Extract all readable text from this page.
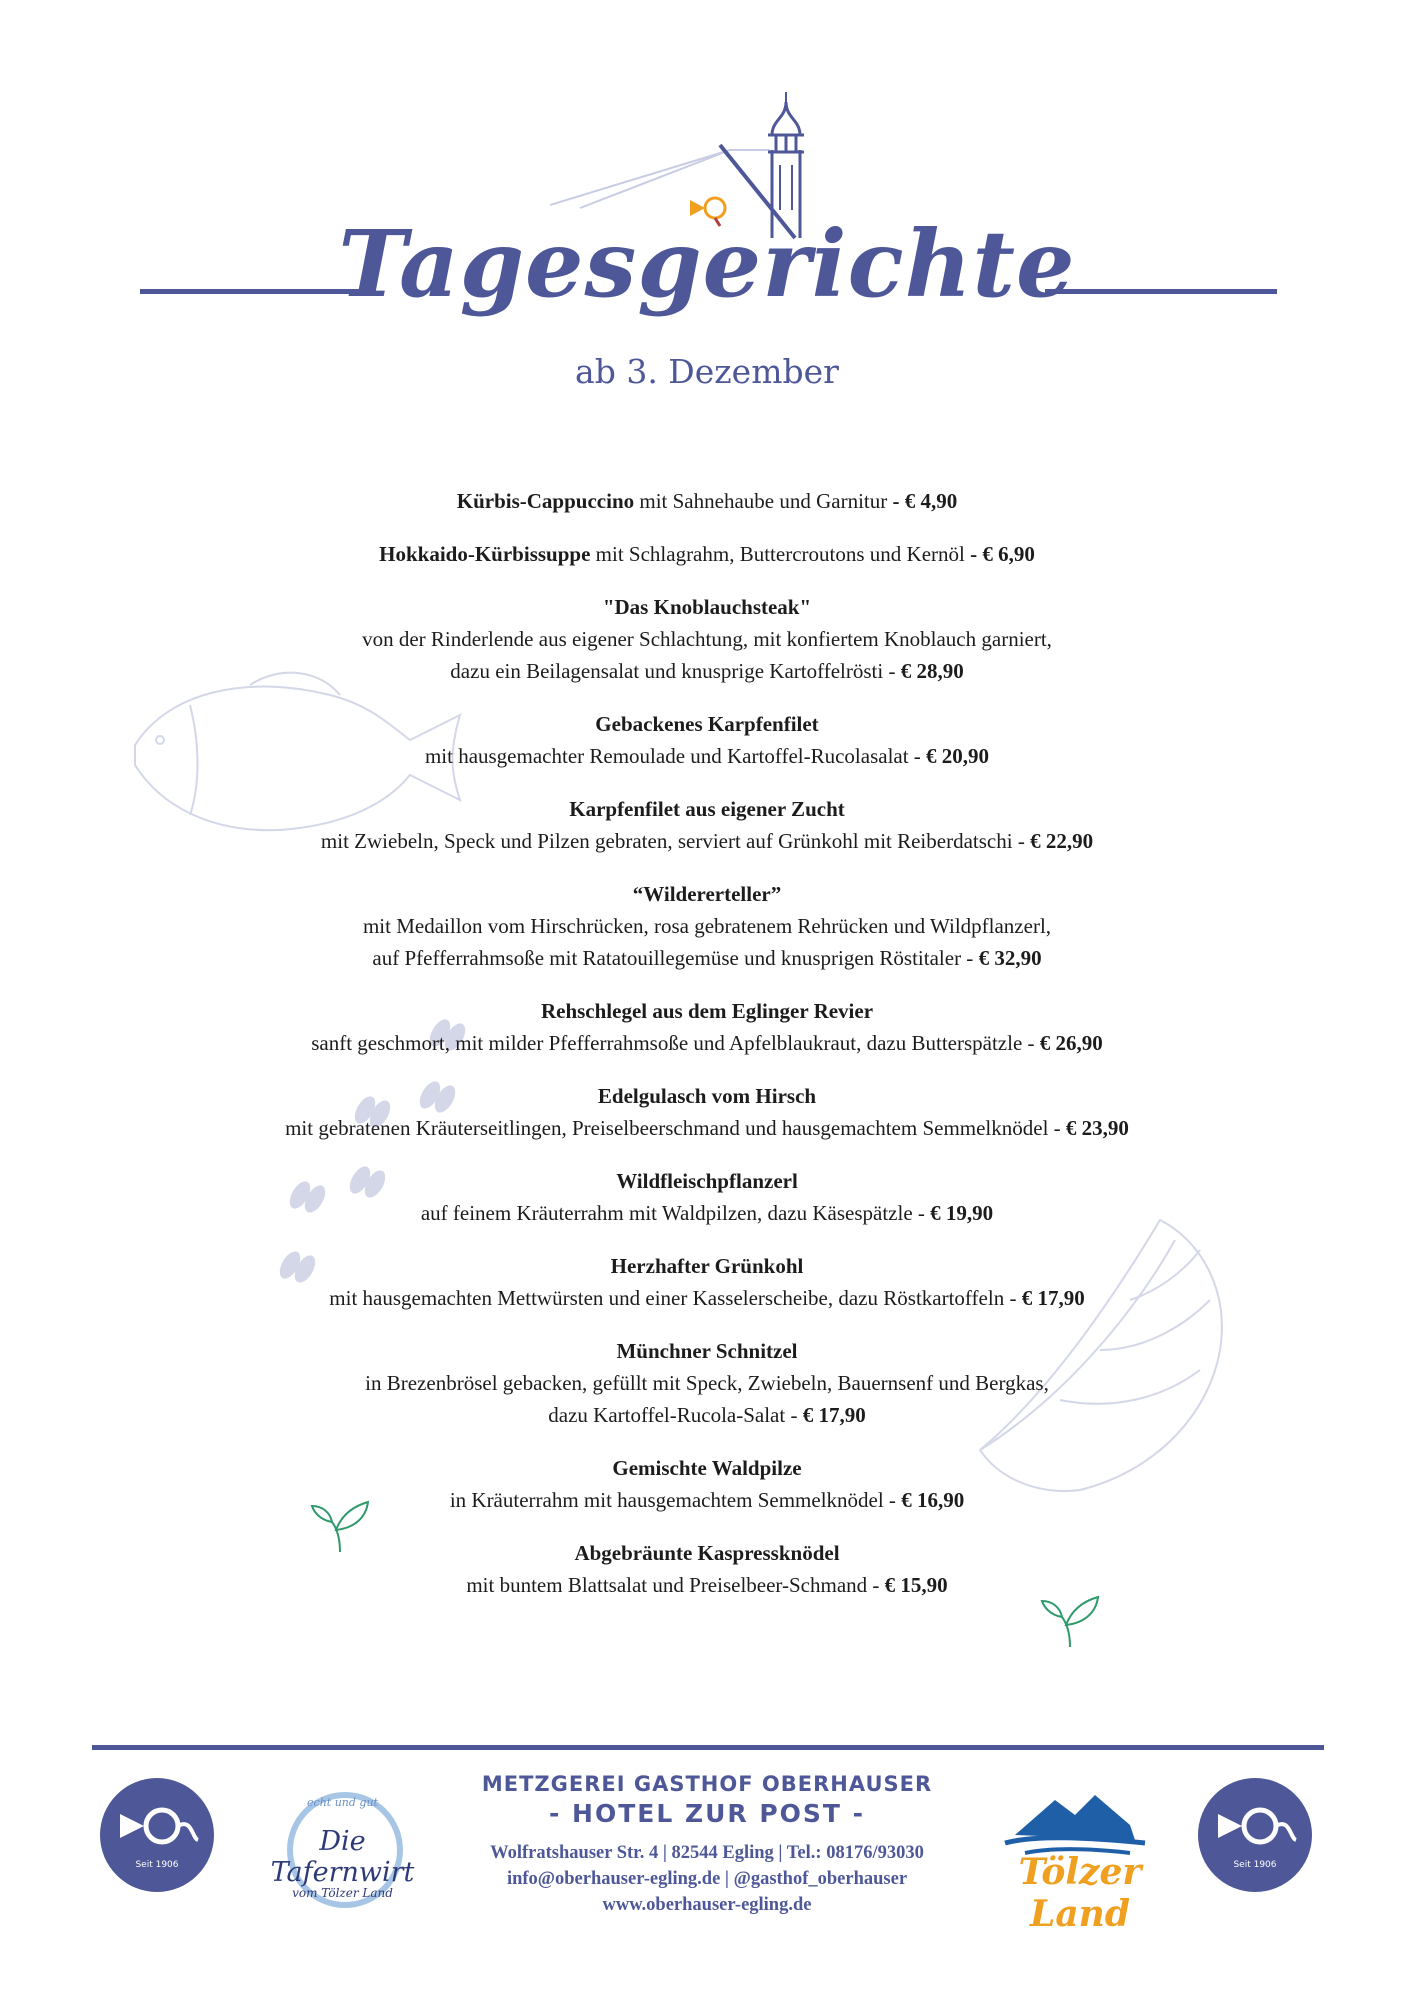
Tagesgerichte
ab 3. Dezember
Kürbis-Cappuccino mit Sahnehaube und Garnitur - € 4,90
Hokkaido-Kürbissuppe mit Schlagrahm, Buttercroutons und Kernöl - € 6,90
"Das Knoblauchsteak"
von der Rinderlende aus eigener Schlachtung, mit konfiertem Knoblauch garniert,
dazu ein Beilagensalat und knusprige Kartoffelrösti - € 28,90
Gebackenes Karpfenfilet
mit hausgemachter Remoulade und Kartoffel-Rucolasalat - € 20,90
Karpfenfilet aus eigener Zucht
mit Zwiebeln, Speck und Pilzen gebraten, serviert auf Grünkohl mit Reiberdatschi - € 22,90
“Wildererteller”
mit Medaillon vom Hirschrücken, rosa gebratenem Rehrücken und Wildpflanzerl,
auf Pfefferrahmsoße mit Ratatouillegemüse und knusprigen Röstitaler - € 32,90
Rehschlegel aus dem Eglinger Revier
sanft geschmort, mit milder Pfefferrahmsoße und Apfelblaukraut, dazu Butterspätzle - € 26,90
Edelgulasch vom Hirsch
mit gebratenen Kräuterseitlingen, Preiselbeerschmand und hausgemachtem Semmelknödel - € 23,90
Wildfleischpflanzerl
auf feinem Kräuterrahm mit Waldpilzen, dazu Käsespätzle - € 19,90
Herzhafter Grünkohl
mit hausgemachten Mettwürsten und einer Kasselerscheibe, dazu Röstkartoffeln - € 17,90
Münchner Schnitzel
in Brezenbrösel gebacken, gefüllt mit Speck, Zwiebeln, Bauernsenf und Bergkas,
dazu Kartoffel-Rucola-Salat - € 17,90
Gemischte Waldpilze
in Kräuterrahm mit hausgemachtem Semmelknödel - € 16,90
Abgebräunte Kaspressknödel
mit buntem Blattsalat und Preiselbeer-Schmand - € 15,90
Seit 1906
echt und gut
Die Tafernwirt
vom Tölzer Land
METZGEREI GASTHOF OBERHAUSER
- HOTEL ZUR POST -
Wolfratshauser Str. 4 | 82544 Egling | Tel.: 08176/93030
info@oberhauser-egling.de | @gasthof_oberhauser
www.oberhauser-egling.de
Tölzer Land
Seit 1906
